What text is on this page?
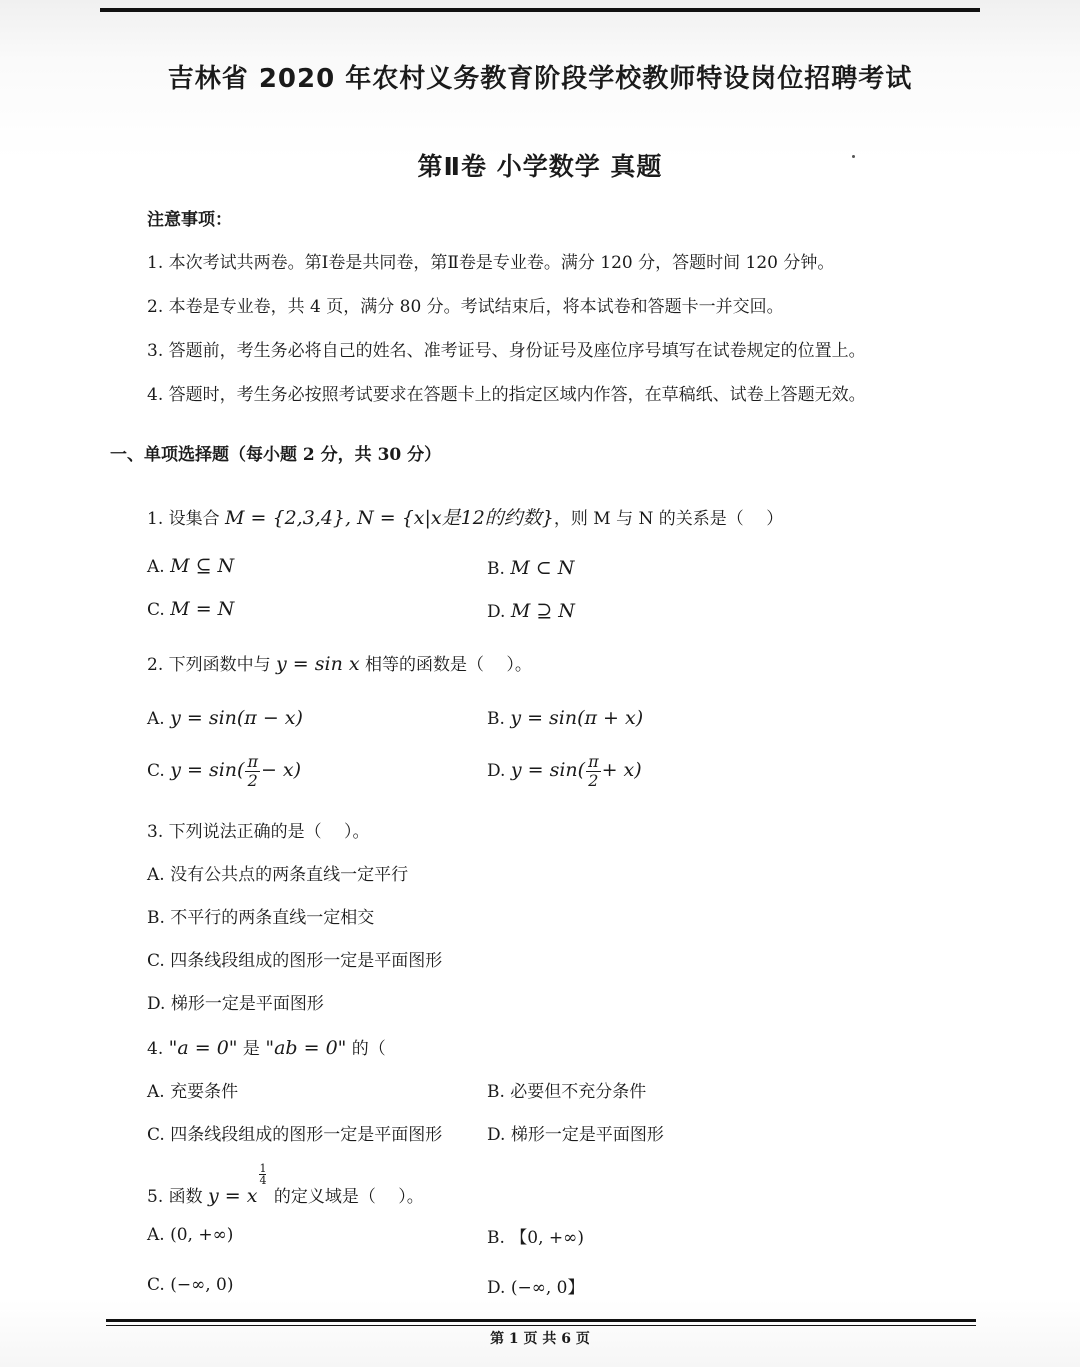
吉林省 2020 年农村义务教育阶段学校教师特设岗位招聘考试
第Ⅱ卷 小学数学 真题
注意事项：
1. 本次考试共两卷。第Ⅰ卷是共同卷，第Ⅱ卷是专业卷。满分 120 分，答题时间 120 分钟。
2. 本卷是专业卷，共 4 页，满分 80 分。考试结束后，将本试卷和答题卡一并交回。
3. 答题前，考生务必将自己的姓名、准考证号、身份证号及座位序号填写在试卷规定的位置上。
4. 答题时，考生务必按照考试要求在答题卡上的指定区域内作答，在草稿纸、试卷上答题无效。
一、单项选择题（每小题 2 分，共 30 分）
1. 设集合 M = {2,3,4}, N = {x|x是12的约数}，则 M 与 N 的关系是（　 ）
A. M ⊆ N	B. M ⊂ N
C. M = N	D. M ⊇ N
2. 下列函数中与 y = sin x 相等的函数是（　 ）。
A. y = sin(π − x)	B. y = sin(π + x)
C. $y = \sin( \frac{\pi}{2} - x)$	D. $y = \sin( \frac{\pi}{2} + x)$
3. 下列说法正确的是（　 ）。
A. 没有公共点的两条直线一定平行
B. 不平行的两条直线一定相交
C. 四条线段组成的图形一定是平面图形
D. 梯形一定是平面图形
4. "a = 0" 是 "ab = 0" 的（
A. 充要条件	B. 必要但不充分条件
C. 四条线段组成的图形一定是平面图形	D. 梯形一定是平面图形
5. 函数 y = x
$^{\frac{1}{4}}$
的定义域是（　 ）。
A. (0, +∞)	B. 【0, +∞)
C. (−∞, 0)	D. (−∞, 0】
第 1 页 共 6 页
